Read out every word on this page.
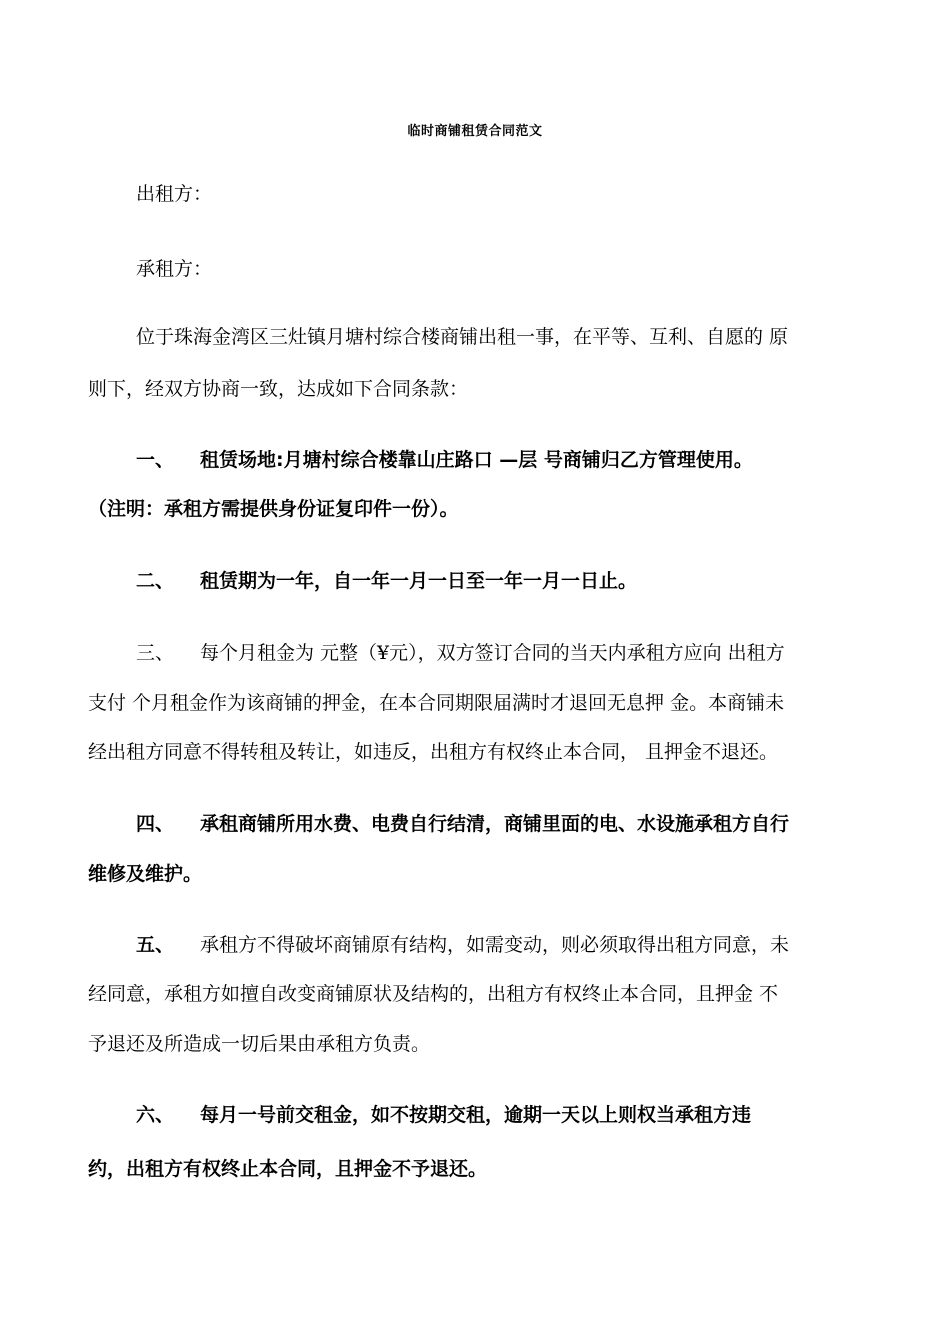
临时商铺租赁合同范文
出租方：
承租方：
位于珠海金湾区三灶镇月塘村综合楼商铺出租一事，在平等、互利、自愿的 原
则下，经双方协商一致，达成如下合同条款：
一、 租赁场地:月塘村综合楼靠山庄路口 —层 号商铺归乙方管理使用。
（注明：承租方需提供身份证复印件一份）。
二、 租赁期为一年，自一年一月一日至一年一月一日止。
三、 每个月租金为 元整（¥元），双方签订合同的当天内承租方应向 出租方
支付 个月租金作为该商铺的押金，在本合同期限届满时才退回无息押 金。本商铺未
经出租方同意不得转租及转让，如违反，出租方有权终止本合同， 且押金不退还。
四、 承租商铺所用水费、电费自行结清，商铺里面的电、水设施承租方自行
维修及维护。
五、 承租方不得破坏商铺原有结构，如需变动，则必须取得出租方同意，未
经同意，承租方如擅自改变商铺原状及结构的，出租方有权终止本合同，且押金 不
予退还及所造成一切后果由承租方负责。
六、 每月一号前交租金，如不按期交租，逾期一天以上则权当承租方违
约，出租方有权终止本合同，且押金不予退还。
